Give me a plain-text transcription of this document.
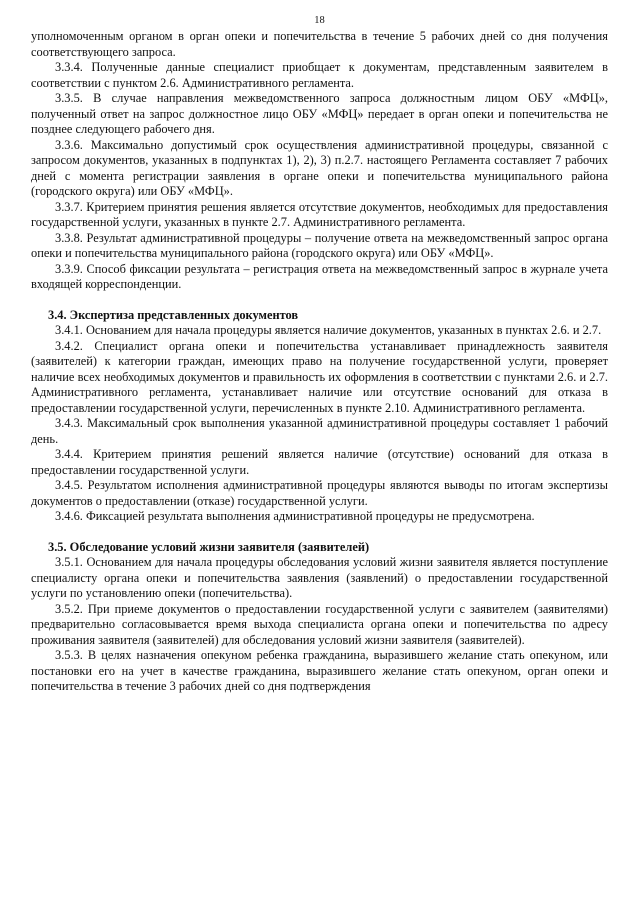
18

уполномоченным органом в орган опеки и попечительства в течение 5 рабочих дней со дня получения соответствующего запроса.

3.3.4. Полученные данные специалист приобщает к документам, представленным заявителем в соответствии с пунктом 2.6. Административного регламента.

3.3.5. В случае направления межведомственного запроса должностным лицом ОБУ «МФЦ», полученный ответ на запрос должностное лицо ОБУ «МФЦ» передает в орган опеки и попечительства не позднее следующего рабочего дня.

3.3.6. Максимально допустимый срок осуществления административной процедуры, связанной с запросом документов, указанных в подпунктах 1), 2), 3) п.2.7. настоящего Регламента составляет 7 рабочих дней с момента регистрации заявления в органе опеки и попечительства муниципального района (городского округа) или ОБУ «МФЦ».

3.3.7. Критерием принятия решения является отсутствие документов, необходимых для предоставления государственной услуги, указанных в пункте 2.7. Административного регламента.

3.3.8. Результат административной процедуры – получение ответа на межведомственный запрос органа опеки и попечительства муниципального района (городского округа) или ОБУ «МФЦ».

3.3.9. Способ фиксации результата – регистрация ответа на межведомственный запрос в журнале учета входящей корреспонденции.

3.4. Экспертиза представленных документов

3.4.1. Основанием для начала процедуры является наличие документов, указанных в пунктах 2.6. и 2.7.

3.4.2. Специалист органа опеки и попечительства устанавливает принадлежность заявителя (заявителей) к категории граждан, имеющих право на получение государственной услуги, проверяет наличие всех необходимых документов и правильность их оформления в соответствии с пунктами 2.6. и 2.7. Административного регламента, устанавливает наличие или отсутствие оснований для отказа в предоставлении государственной услуги, перечисленных в пункте 2.10. Административного регламента.

3.4.3. Максимальный срок выполнения указанной административной процедуры составляет 1 рабочий день.

3.4.4. Критерием принятия решений является наличие (отсутствие) оснований для отказа в предоставлении государственной услуги.

3.4.5. Результатом исполнения административной процедуры являются выводы по итогам экспертизы документов о предоставлении (отказе) государственной услуги.

3.4.6. Фиксацией результата выполнения административной процедуры не предусмотрена.

3.5. Обследование условий жизни заявителя (заявителей)

3.5.1. Основанием для начала процедуры обследования условий жизни заявителя является поступление специалисту органа опеки и попечительства заявления (заявлений) о предоставлении государственной услуги по установлению опеки (попечительства).

3.5.2. При приеме документов о предоставлении государственной услуги с заявителем (заявителями) предварительно согласовывается время выхода специалиста органа опеки и попечительства по адресу проживания заявителя (заявителей) для обследования условий жизни заявителя (заявителей).

3.5.3. В целях назначения опекуном ребенка гражданина, выразившего желание стать опекуном, или постановки его на учет в качестве гражданина, выразившего желание стать опекуном, орган опеки и попечительства в течение 3 рабочих дней со дня подтверждения
